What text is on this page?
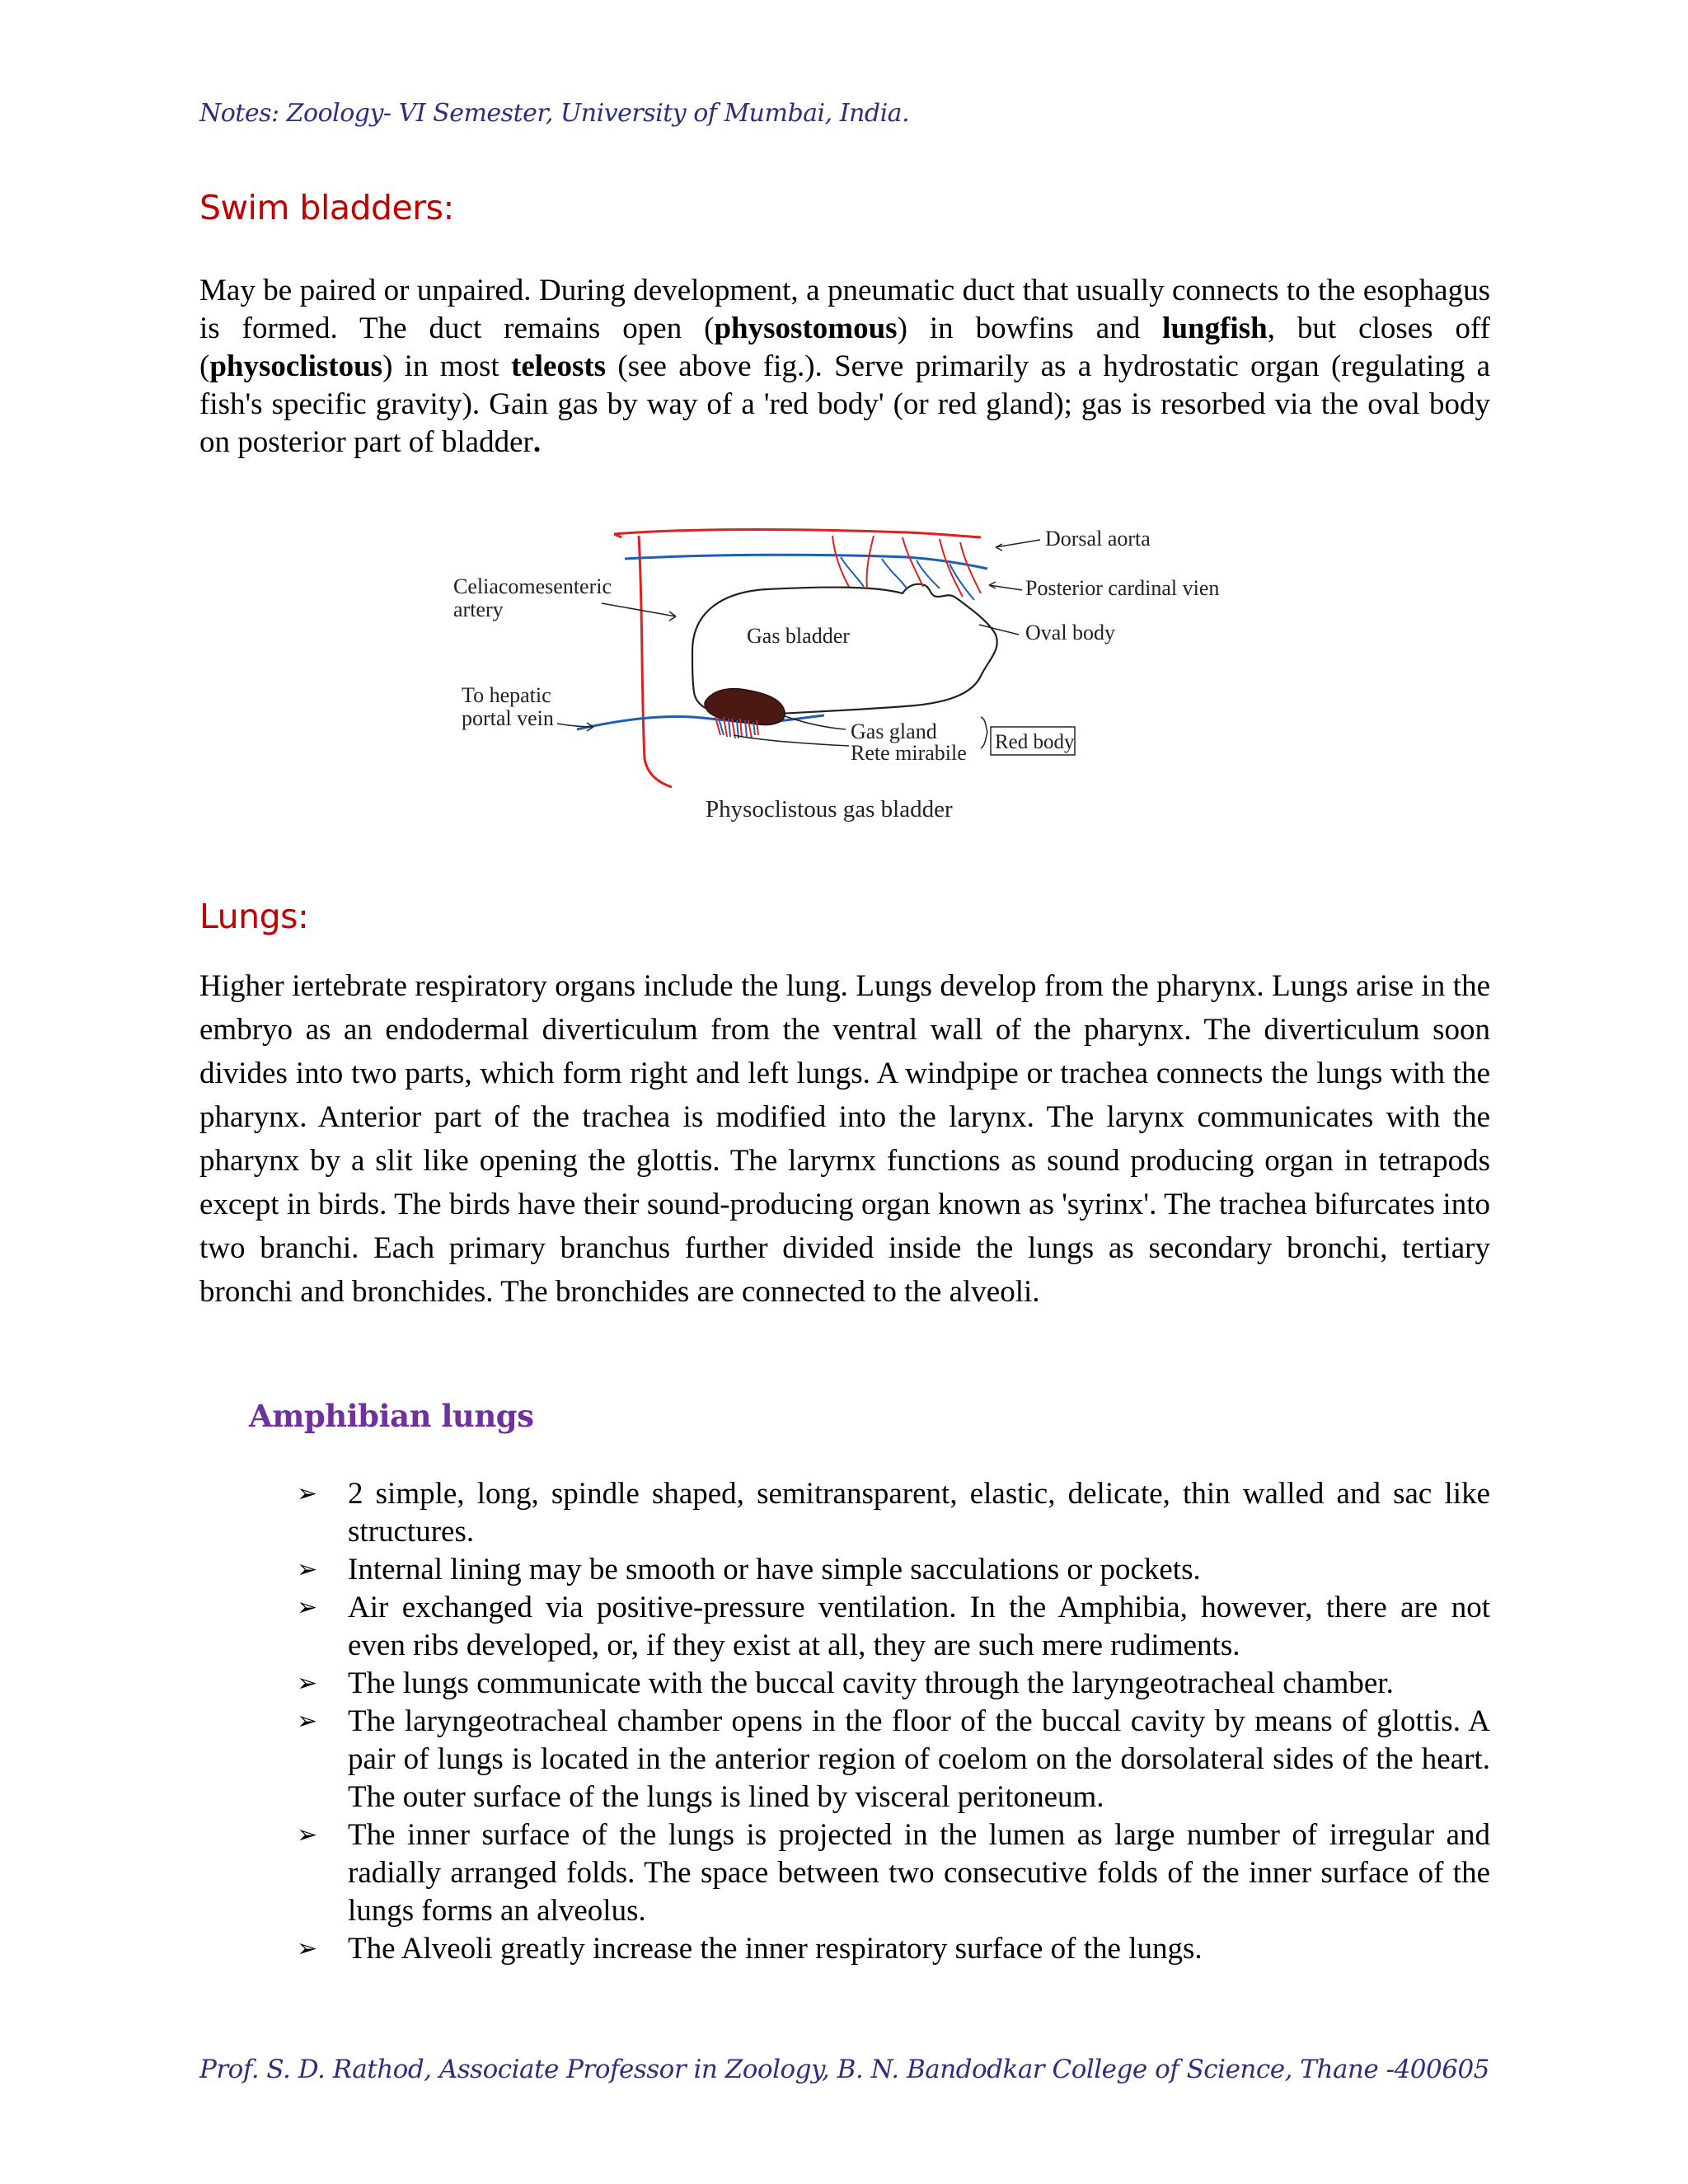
Notes: Zoology- VI Semester, University of Mumbai, India.
Swim bladders:

May be paired or unpaired. During development, a pneumatic duct that usually connects to the esophagus is formed. The duct remains open (physostomous) in bowfins and lungfish, but closes off (physoclistous) in most teleosts (see above fig.). Serve primarily as a hydrostatic organ (regulating a fish's specific gravity). Gain gas by way of a 'red body' (or red gland); gas is resorbed via the oval body on posterior part of bladder.

Dorsal aorta
Posterior cardinal vien
Oval body
Celiacomesenteric
artery
Gas bladder
To hepatic
portal vein
Gas gland
Rete mirabile Red body
Physoclistous gas bladder
Lungs:

Higher iertebrate respiratory organs include the lung. Lungs develop from the pharynx. Lungs arise in the embryo as an endodermal diverticulum from the ventral wall of the pharynx. The diverticulum soon divides into two parts, which form right and left lungs. A windpipe or trachea connects the lungs with the pharynx. Anterior part of the trachea is modified into the larynx. The larynx communicates with the pharynx by a slit like opening the glottis. The laryrnx functions as sound producing organ in tetrapods except in birds. The birds have their sound-producing organ known as 'syrinx'. The trachea bifurcates into two branchi. Each primary branchus further divided inside the lungs as secondary bronchi, tertiary bronchi and bronchides. The bronchides are connected to the alveoli.

Amphibian lungs
➢ 2 simple, long, spindle shaped, semitransparent, elastic, delicate, thin walled and sac like structures.
➢ Internal lining may be smooth or have simple sacculations or pockets.
➢ Air exchanged via positive-pressure ventilation. In the Amphibia, however, there are not even ribs developed, or, if they exist at all, they are such mere rudiments.
➢ The lungs communicate with the buccal cavity through the laryngeotracheal chamber.
➢ The laryngeotracheal chamber opens in the floor of the buccal cavity by means of glottis. A pair of lungs is located in the anterior region of coelom on the dorsolateral sides of the heart. The outer surface of the lungs is lined by visceral peritoneum.
➢ The inner surface of the lungs is projected in the lumen as large number of irregular and radially arranged folds. The space between two consecutive folds of the inner surface of the lungs forms an alveolus.
➢ The Alveoli greatly increase the inner respiratory surface of the lungs.
Prof. S. D. Rathod, Associate Professor in Zoology, B. N. Bandodkar College of Science, Thane -400605
